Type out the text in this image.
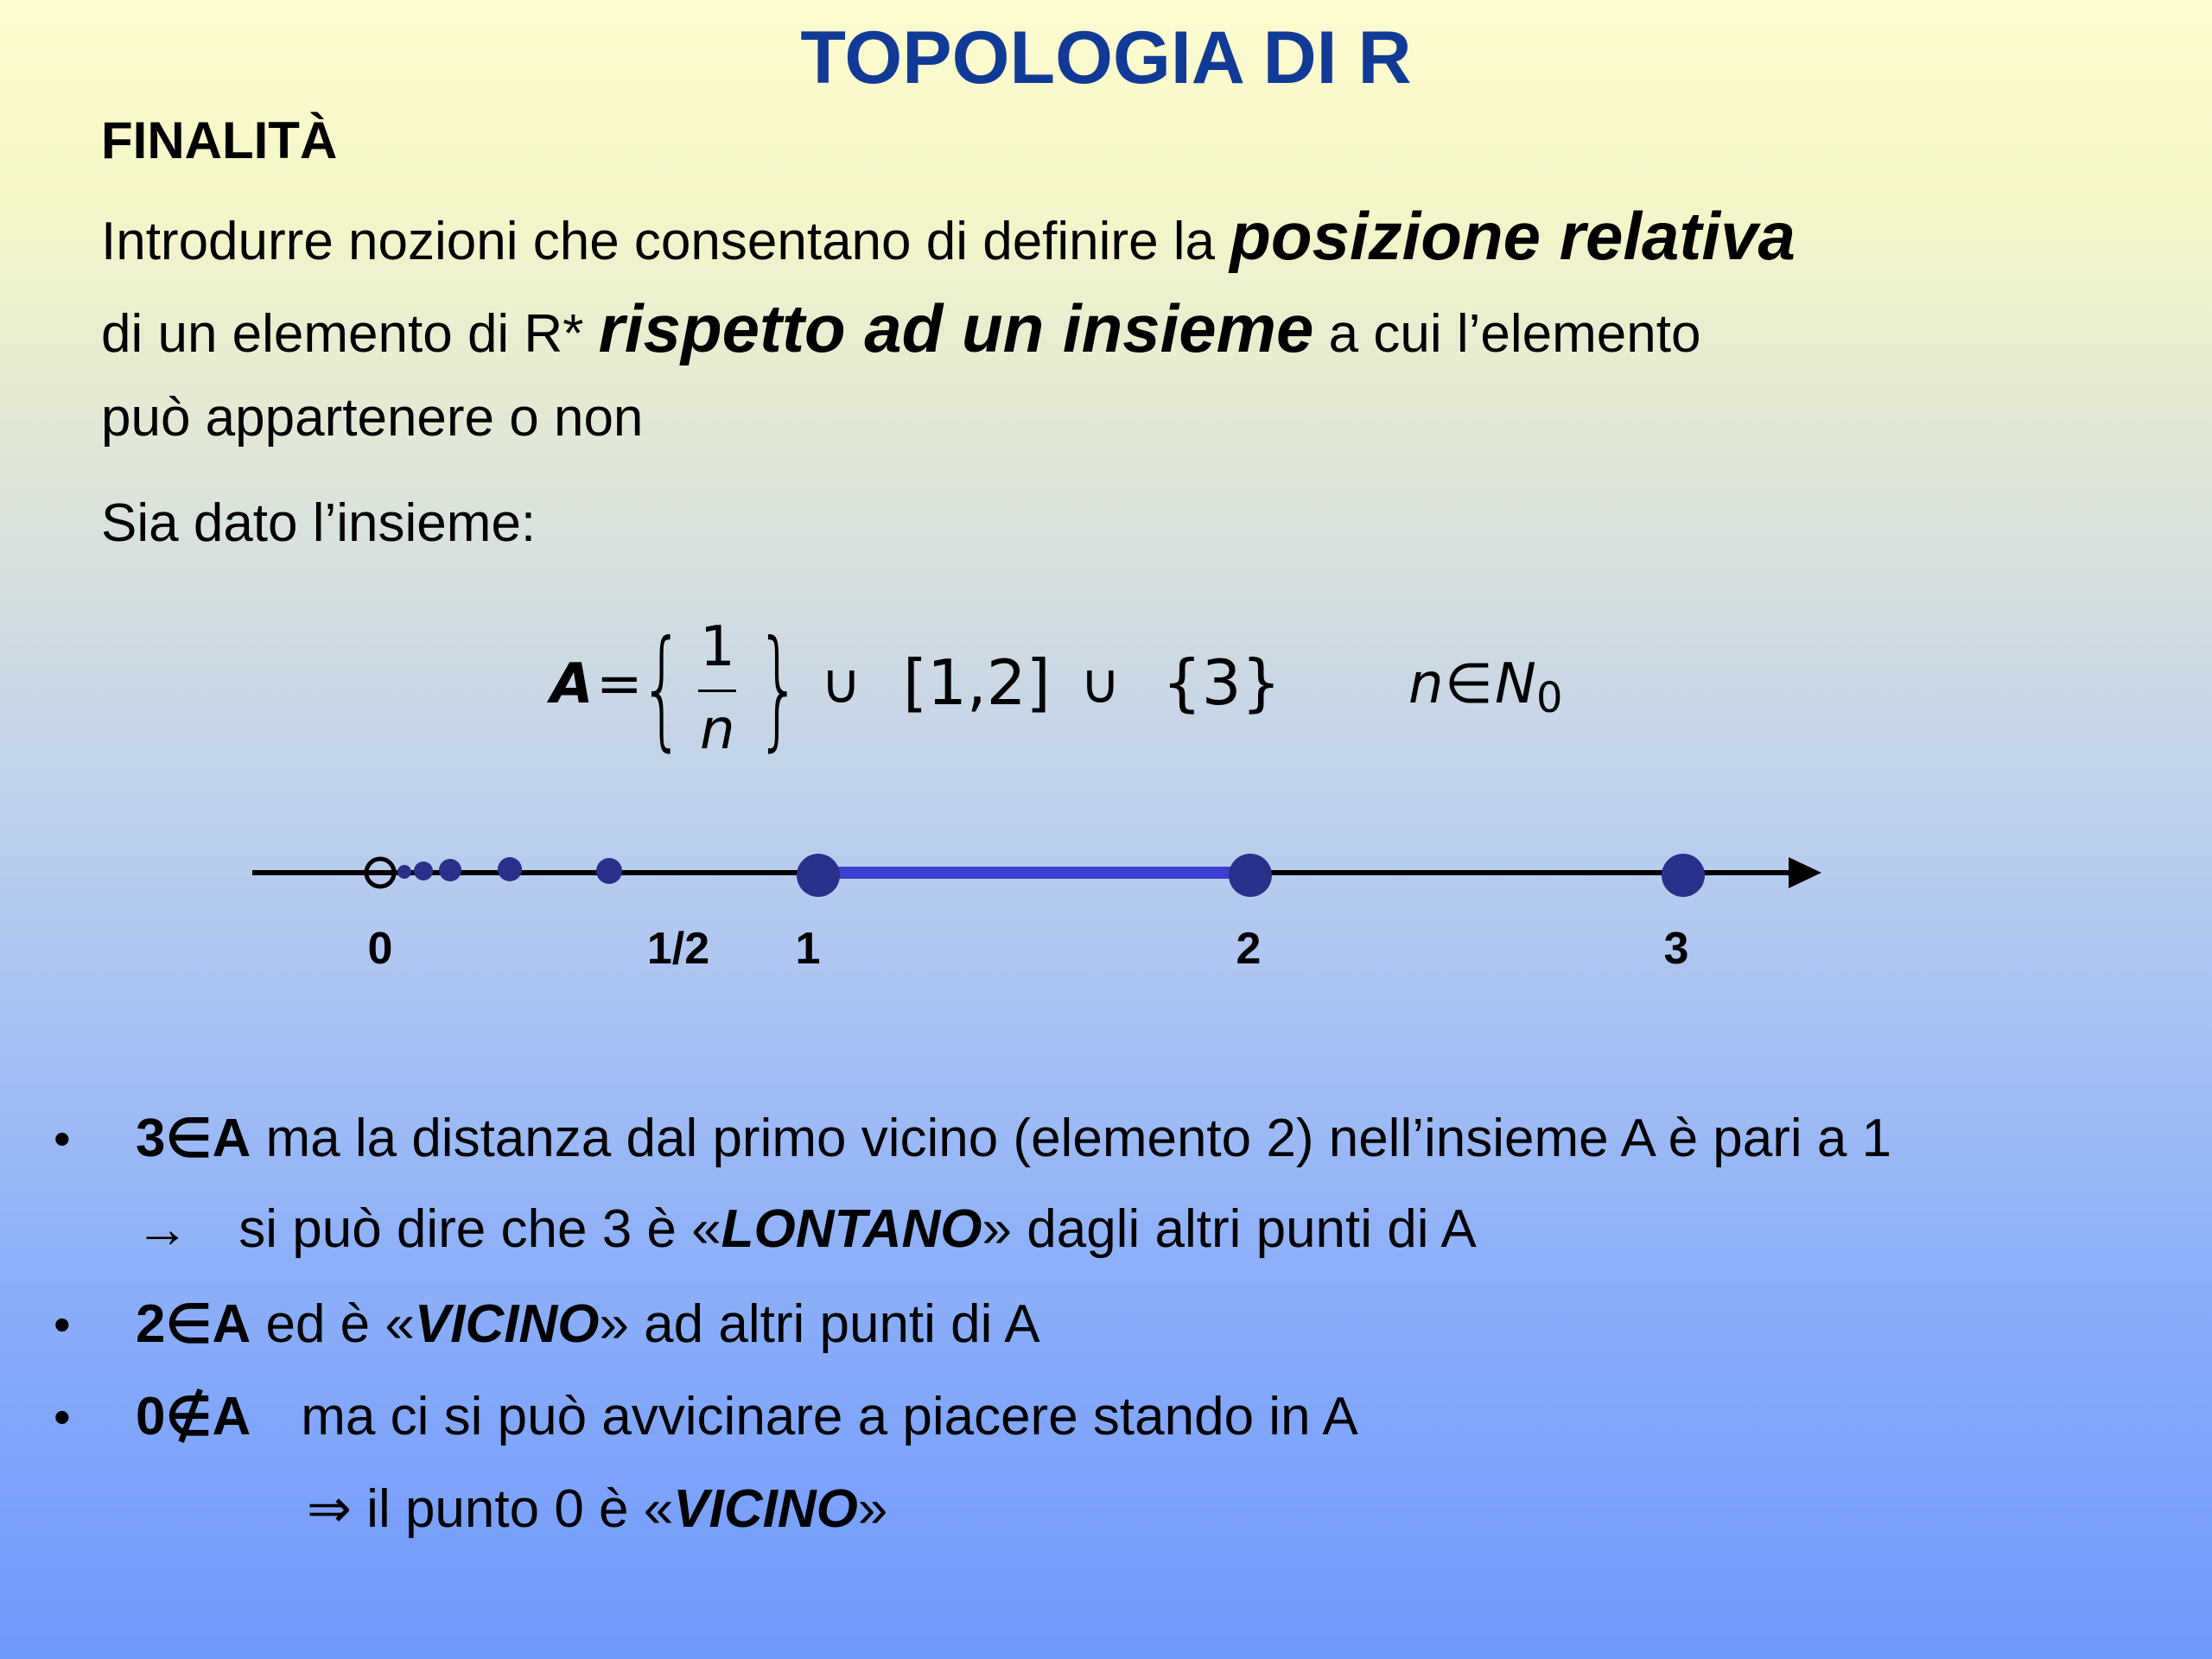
TOPOLOGIA DI R
FINALITÀ
Introdurre nozioni che consentano di definire la posizione relativa
di un elemento di R* rispetto ad un insieme a cui l’elemento
può appartenere o non
Sia dato l’insieme:
A =
{ 1
n } ∪ [1,2] ∪ {3} n ∈ N 0
0	1/2 1	2	3
• 3∈A ma la distanza dal primo vicino (elemento 2) nell’insieme A è pari a 1
→ si può dire che 3 è «LONTANO» dagli altri punti di A
• 2∈A ed è «VICINO» ad altri punti di A
• 0∉A ma ci si può avvicinare a piacere stando in A
⇒ il punto 0 è «VICINO»
